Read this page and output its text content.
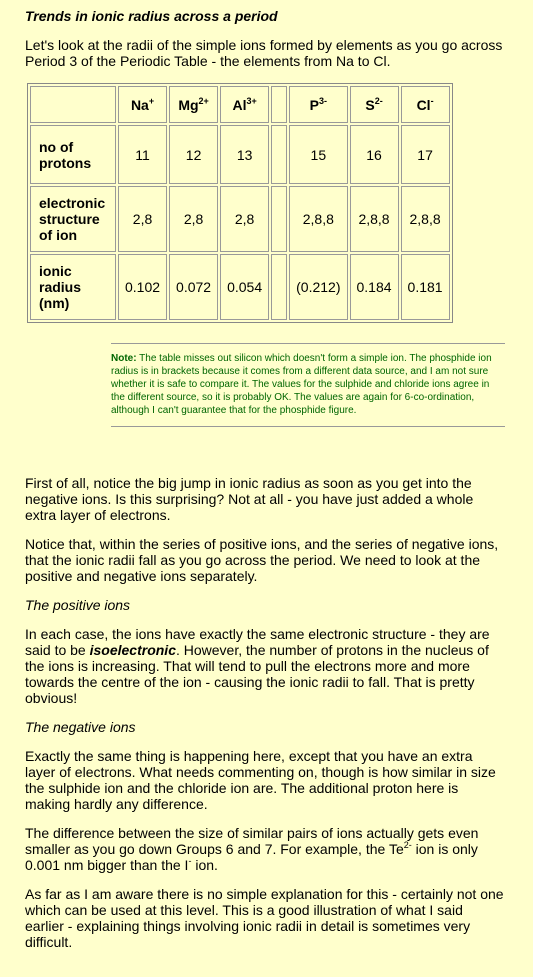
Trends in ionic radius across a period

Let's look at the radii of the simple ions formed by elements as you go across Period 3 of the Periodic Table - the elements from Na to Cl.

	Na+	$Mg^{2+}$	$Al^{3+}$		$P^{3-}$	$S^{2-}$	Cl-
no of protons	11	12	13		15	16	17
electronic structure of ion	2,8	2,8	2,8		2,8,8	2,8,8	2,8,8
ionic radius (nm)	0.102	0.072	0.054		(0.212)	0.184	0.181

Note: The table misses out silicon which doesn't form a simple ion. The phosphide ion radius is in brackets because it comes from a different data source, and I am not sure whether it is safe to compare it. The values for the sulphide and chloride ions agree in the different source, so it is probably OK. The values are again for 6-co-ordination, although I can't guarantee that for the phosphide figure.

First of all, notice the big jump in ionic radius as soon as you get into the negative ions. Is this surprising? Not at all - you have just added a whole extra layer of electrons.

Notice that, within the series of positive ions, and the series of negative ions, that the ionic radii fall as you go across the period. We need to look at the positive and negative ions separately.

The positive ions

In each case, the ions have exactly the same electronic structure - they are said to be isoelectronic. However, the number of protons in the nucleus of the ions is increasing. That will tend to pull the electrons more and more towards the centre of the ion - causing the ionic radii to fall. That is pretty obvious!

The negative ions

Exactly the same thing is happening here, except that you have an extra layer of electrons. What needs commenting on, though is how similar in size the sulphide ion and the chloride ion are. The additional proton here is making hardly any difference.

The difference between the size of similar pairs of ions actually gets even smaller as you go down Groups 6 and 7. For example, the $Te^{2-}$ ion is only 0.001 nm bigger than the I- ion.

As far as I am aware there is no simple explanation for this - certainly not one which can be used at this level. This is a good illustration of what I said earlier - explaining things involving ionic radii in detail is sometimes very difficult.
